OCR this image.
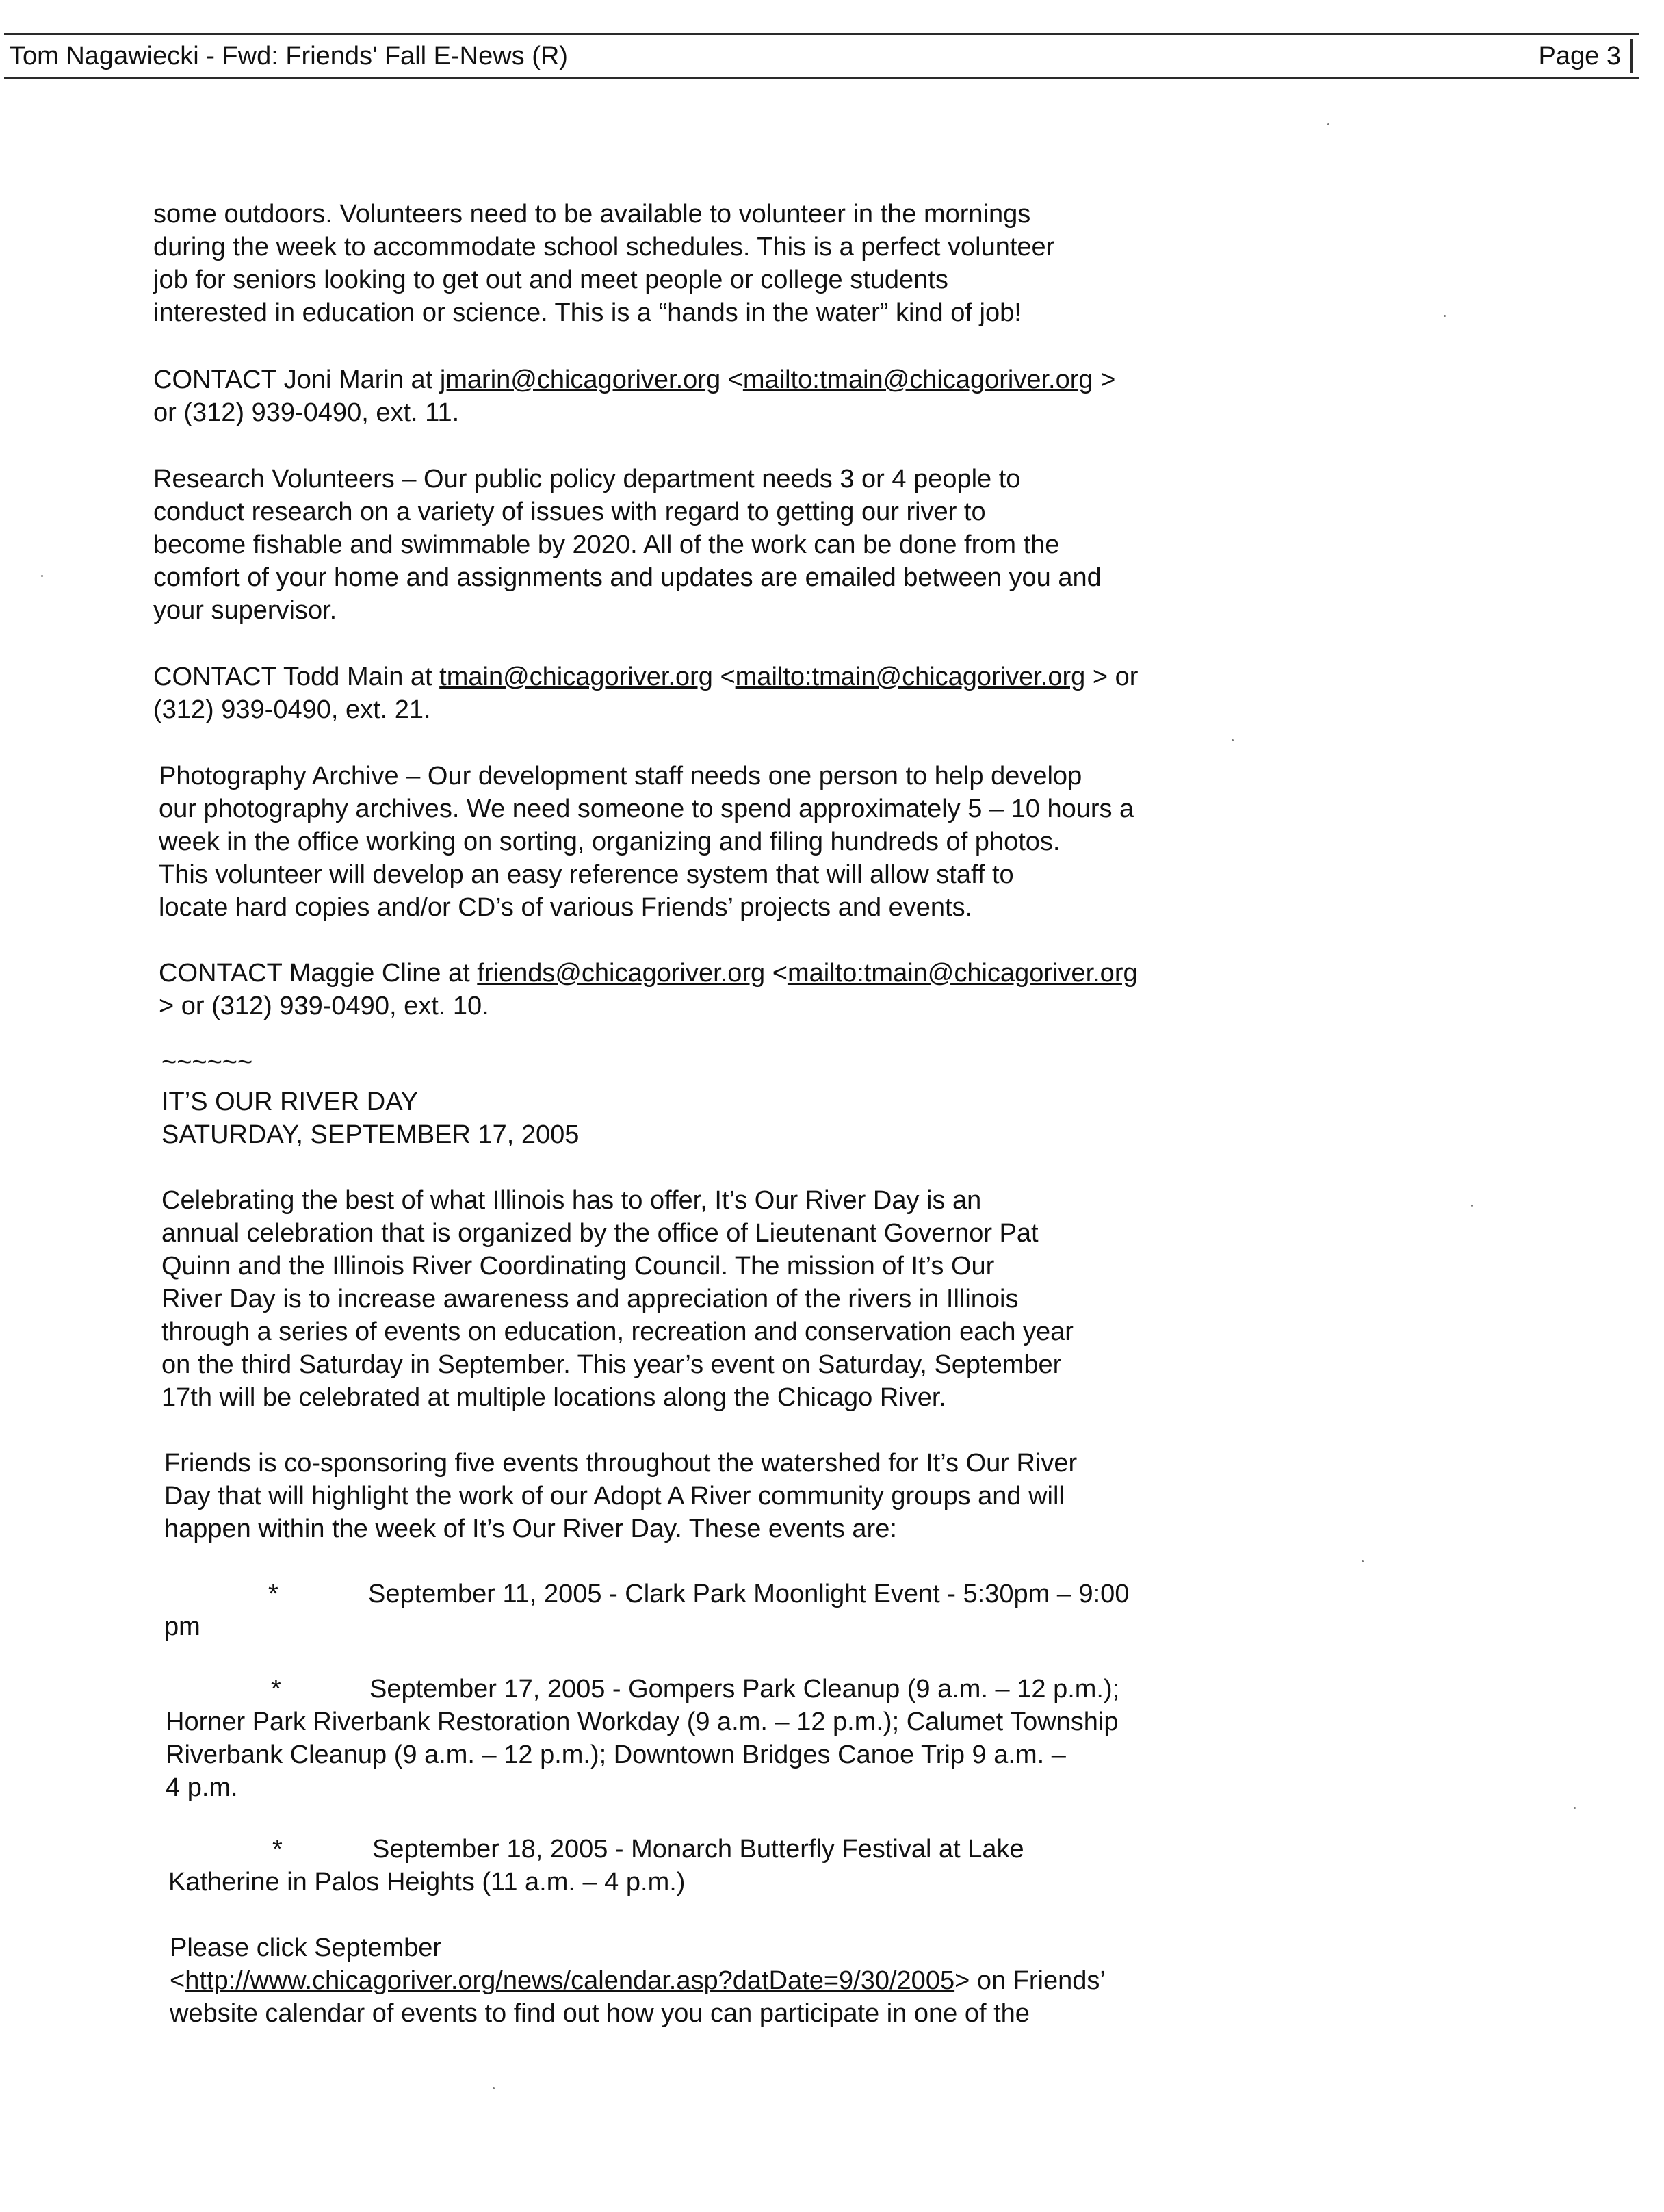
Tom Nagawiecki - Fwd: Friends' Fall E-News (R)	Page 3
some outdoors. Volunteers need to be available to volunteer in the mornings
during the week to accommodate school schedules. This is a perfect volunteer
job for seniors looking to get out and meet people or college students
interested in education or science. This is a “hands in the water” kind of job!
CONTACT Joni Marin at jmarin@chicagoriver.org <mailto:tmain@chicagoriver.org >
or (312) 939-0490, ext. 11.
Research Volunteers – Our public policy department needs 3 or 4 people to
conduct research on a variety of issues with regard to getting our river to
become fishable and swimmable by 2020. All of the work can be done from the
comfort of your home and assignments and updates are emailed between you and
your supervisor.
CONTACT Todd Main at tmain@chicagoriver.org <mailto:tmain@chicagoriver.org > or
(312) 939-0490, ext. 21.
Photography Archive – Our development staff needs one person to help develop
our photography archives. We need someone to spend approximately 5 – 10 hours a
week in the office working on sorting, organizing and filing hundreds of photos.
This volunteer will develop an easy reference system that will allow staff to
locate hard copies and/or CD’s of various Friends’ projects and events.
CONTACT Maggie Cline at friends@chicagoriver.org <mailto:tmain@chicagoriver.org
> or (312) 939-0490, ext. 10.
~~~~~~
IT’S OUR RIVER DAY
SATURDAY, SEPTEMBER 17, 2005
Celebrating the best of what Illinois has to offer, It’s Our River Day is an
annual celebration that is organized by the office of Lieutenant Governor Pat
Quinn and the Illinois River Coordinating Council. The mission of It’s Our
River Day is to increase awareness and appreciation of the rivers in Illinois
through a series of events on education, recreation and conservation each year
on the third Saturday in September. This year’s event on Saturday, September
17th will be celebrated at multiple locations along the Chicago River.
Friends is co-sponsoring five events throughout the watershed for It’s Our River
Day that will highlight the work of our Adopt A River community groups and will
happen within the week of It’s Our River Day. These events are:
*	September 11, 2005 - Clark Park Moonlight Event - 5:30pm – 9:00
pm
*	September 17, 2005 - Gompers Park Cleanup (9 a.m. – 12 p.m.);
Horner Park Riverbank Restoration Workday (9 a.m. – 12 p.m.); Calumet Township
Riverbank Cleanup (9 a.m. – 12 p.m.); Downtown Bridges Canoe Trip 9 a.m. –
4 p.m.
*	September 18, 2005 - Monarch Butterfly Festival at Lake
Katherine in Palos Heights (11 a.m. – 4 p.m.)
Please click September
<http://www.chicagoriver.org/news/calendar.asp?datDate=9/30/2005> on Friends’
website calendar of events to find out how you can participate in one of the
